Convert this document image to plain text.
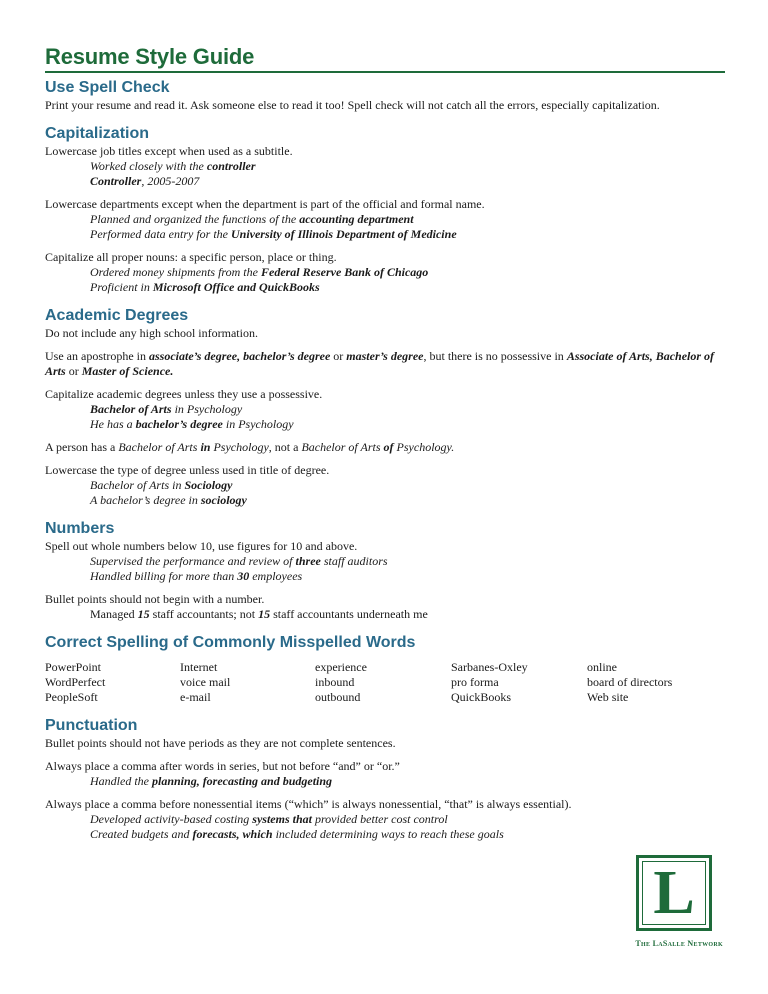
Resume Style Guide
Use Spell Check

Print your resume and read it. Ask someone else to read it too! Spell check will not catch all the errors, especially capitalization.

Capitalization

Lowercase job titles except when used as a subtitle.

Worked closely with the controller
Controller, 2005-2007

Lowercase departments except when the department is part of the official and formal name.

Planned and organized the functions of the accounting department
Performed data entry for the University of Illinois Department of Medicine

Capitalize all proper nouns: a specific person, place or thing.

Ordered money shipments from the Federal Reserve Bank of Chicago
Proficient in Microsoft Office and QuickBooks
Academic Degrees

Do not include any high school information.

Use an apostrophe in associate’s degree, bachelor’s degree or master’s degree, but there is no possessive in Associate of Arts, Bachelor of Arts or Master of Science.

Capitalize academic degrees unless they use a possessive.

Bachelor of Arts in Psychology
He has a bachelor’s degree in Psychology

A person has a Bachelor of Arts in Psychology, not a Bachelor of Arts of Psychology.

Lowercase the type of degree unless used in title of degree.

Bachelor of Arts in Sociology
A bachelor’s degree in sociology
Numbers

Spell out whole numbers below 10, use figures for 10 and above.

Supervised the performance and review of three staff auditors
Handled billing for more than 30 employees

Bullet points should not begin with a number.

Managed 15 staff accountants; not 15 staff accountants underneath me
Correct Spelling of Commonly Misspelled Words
PowerPoint	Internet	experience	Sarbanes-Oxley	online
WordPerfect	voice mail	inbound	pro forma	board of directors
PeopleSoft	e-mail	outbound	QuickBooks	Web site
Punctuation

Bullet points should not have periods as they are not complete sentences.

Always place a comma after words in series, but not before “and” or “or.”

Handled the planning, forecasting and budgeting

Always place a comma before nonessential items (“which” is always nonessential, “that” is always essential).

Developed activity-based costing systems that provided better cost control
Created budgets and forecasts, which included determining ways to reach these goals
L
The LaSalle Network
